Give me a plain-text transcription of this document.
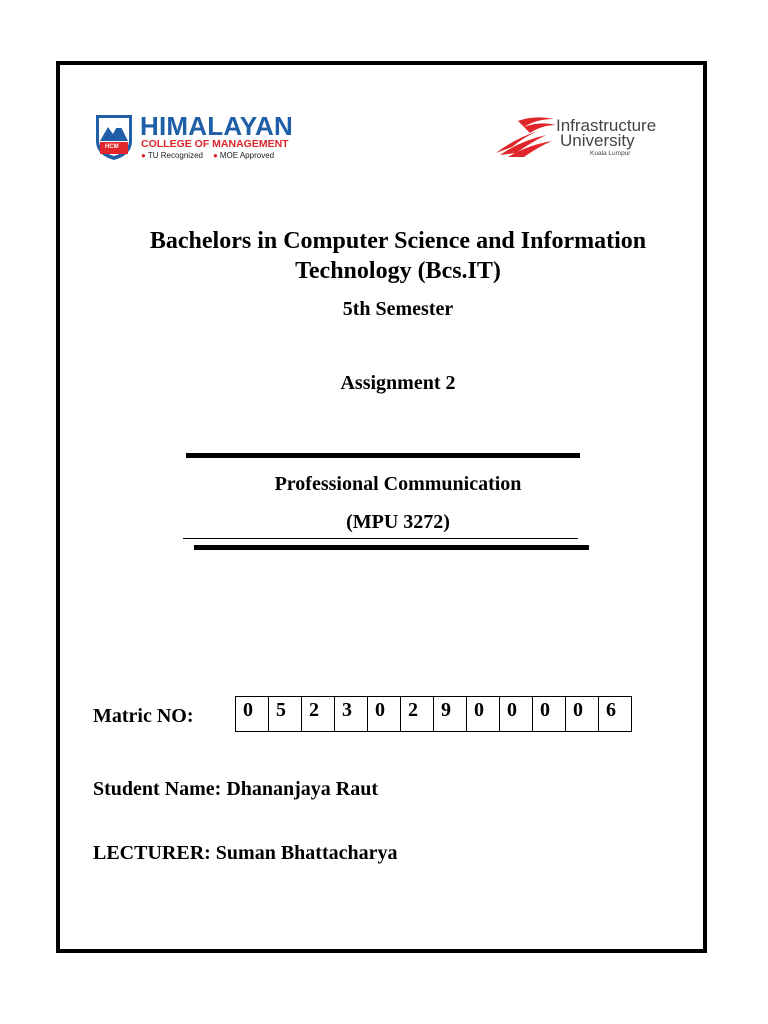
HCM
HIMALAYAN
COLLEGE OF MANAGEMENT
● TU Recognized ● MOE Approved
Infrastructure
University
Kuala Lumpur
Bachelors in Computer Science and Information
Technology (Bcs.IT)
5th Semester
Assignment 2
Professional Communication
(MPU 3272)
Matric NO: 0	5	2	3	0	2	9	0	0	0	0	6
Student Name: Dhananjaya Raut
LECTURER: Suman Bhattacharya
